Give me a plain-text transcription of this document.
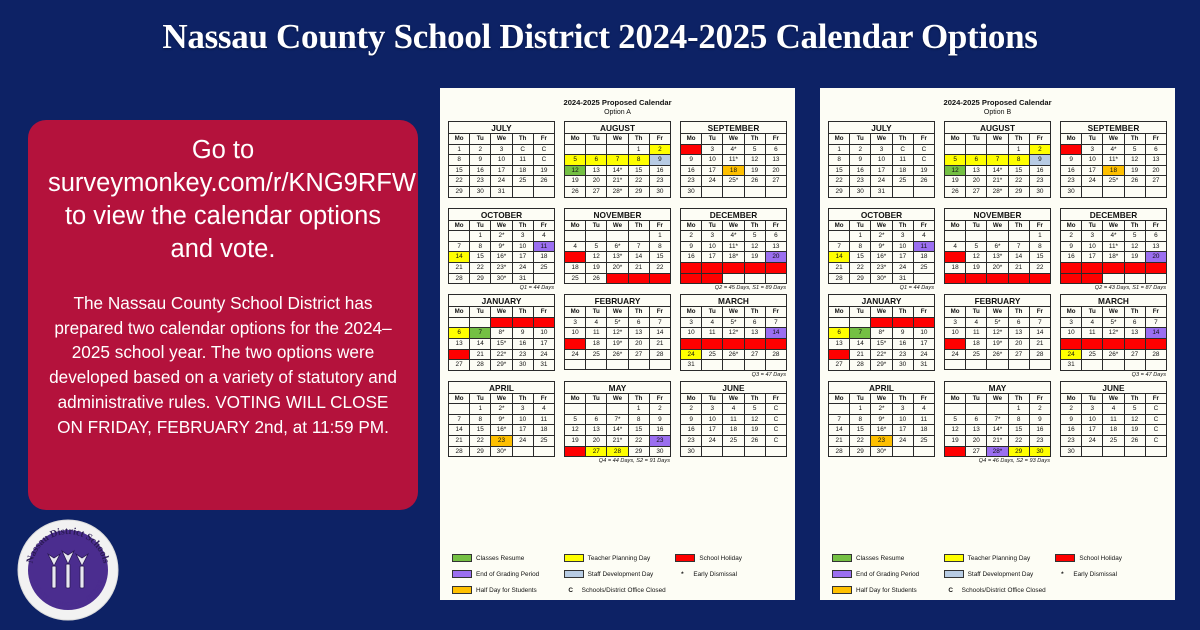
Nassau County School District 2024-2025 Calendar Options
Go to surveymonkey.com/r/KNG9RFW to view the calendar options and vote.
The Nassau County School District has prepared two calendar options for the 2024–2025 school year. The two options were developed based on a variety of statutory and administrative rules. VOTING WILL CLOSE ON FRIDAY, FEBRUARY 2nd, at 11:59 PM.
Nassau District Schools
CREATE · EDUCATE · INSPIRE
2024-2025 Proposed Calendar
Option A
JULY
Mo	Tu	We	Th	Fr
1	2	3	C	C
8	9	10	11	C
15	16	17	18	19
22	23	24	25	26
29	30	31		
AUGUST
Mo	Tu	We	Th	Fr
			1	2
5	6	7	8	9
12	13	14*	15	16
19	20	21*	22	23
26	27	28*	29	30
SEPTEMBER
Mo	Tu	We	Th	Fr
2	3	4*	5	6
9	10	11*	12	13
16	17	18	19	20
23	24	25*	26	27
30				
OCTOBER
Mo	Tu	We	Th	Fr
	1	2*	3	4
7	8	9*	10	11
14	15	16*	17	18
21	22	23*	24	25
28	29	30*	31	
Q1 = 44 Days
NOVEMBER
Mo	Tu	We	Th	Fr
				1
4	5	6*	7	8
11	12	13*	14	15
18	19	20*	21	22
25	26	27	C	C
DECEMBER
Mo	Tu	We	Th	Fr
2	3	4*	5	6
9	10	11*	12	13
16	17	18*	19	20
C	C	C	C	C
C	C			
Q2 = 45 Days, S1 = 89 Days
JANUARY
Mo	Tu	We	Th	Fr
		C	C	C
6	7	8*	9	10
13	14	15*	16	17
20	21	22*	23	24
27	28	29*	30	31
FEBRUARY
Mo	Tu	We	Th	Fr
3	4	5*	6	7
10	11	12*	13	14
17	18	19*	20	21
24	25	26*	27	28

MARCH
Mo	Tu	We	Th	Fr
3	4	5*	6	7
10	11	12*	13	14
17	18	19	C	C
24	25	26*	27	28
31				
Q3 = 47 Days
APRIL
Mo	Tu	We	Th	Fr
	1	2*	3	4
7	8	9*	10	11
14	15	16*	17	18
21	22	23	24	25
28	29	30*		
MAY
Mo	Tu	We	Th	Fr
			1	2
5	6	7*	8	9
12	13	14*	15	16
19	20	21*	22	23
C	27	28	29	30
Q4 = 44 Days, S2 = 91 Days
JUNE
Mo	Tu	We	Th	Fr
2	3	4	5	C
9	10	11	12	C
16	17	18	19	C
23	24	25	26	C
30				
Classes Resume	Teacher Planning Day	School Holiday
End of Grading Period	Staff Development Day	*	Early Dismissal
Half Day for Students	C	Schools/District Office Closed
2024-2025 Proposed Calendar
Option B
JULY
Mo	Tu	We	Th	Fr
1	2	3	C	C
8	9	10	11	C
15	16	17	18	19
22	23	24	25	26
29	30	31		
AUGUST
Mo	Tu	We	Th	Fr
			1	2
5	6	7	8	9
12	13	14*	15	16
19	20	21*	22	23
26	27	28*	29	30
SEPTEMBER
Mo	Tu	We	Th	Fr
2	3	4*	5	6
9	10	11*	12	13
16	17	18	19	20
23	24	25*	26	27
30				
OCTOBER
Mo	Tu	We	Th	Fr
	1	2*	3	4
7	8	9*	10	11
14	15	16*	17	18
21	22	23*	24	25
28	29	30*	31	
Q1 = 44 Days
NOVEMBER
Mo	Tu	We	Th	Fr
				1
4	5	6*	7	8
11	12	13*	14	15
18	19	20*	21	22
25	26	27	C	C
DECEMBER
Mo	Tu	We	Th	Fr
2	3	4*	5	6
9	10	11*	12	13
16	17	18*	19	20
C	C	C	C	C
C	C			
Q2 = 43 Days, S1 = 87 Days
JANUARY
Mo	Tu	We	Th	Fr
		C	C	C
6	7	8*	9	10
13	14	15*	16	17
20	21	22*	23	24
27	28	29*	30	31
FEBRUARY
Mo	Tu	We	Th	Fr
3	4	5*	6	7
10	11	12*	13	14
17	18	19*	20	21
24	25	26*	27	28

MARCH
Mo	Tu	We	Th	Fr
3	4	5*	6	7
10	11	12*	13	14
17	18	19	C	C
24	25	26*	27	28
31				
Q3 = 47 Days
APRIL
Mo	Tu	We	Th	Fr
	1	2*	3	4
7	8	9*	10	11
14	15	16*	17	18
21	22	23	24	25
28	29	30*		
MAY
Mo	Tu	We	Th	Fr
			1	2
5	6	7*	8	9
12	13	14*	15	16
19	20	21*	22	23
C	27	28*	29	30
Q4 = 46 Days, S2 = 93 Days
JUNE
Mo	Tu	We	Th	Fr
2	3	4	5	C
9	10	11	12	C
16	17	18	19	C
23	24	25	26	C
30				
Classes Resume	Teacher Planning Day	School Holiday
End of Grading Period	Staff Development Day	*	Early Dismissal
Half Day for Students	C	Schools/District Office Closed
